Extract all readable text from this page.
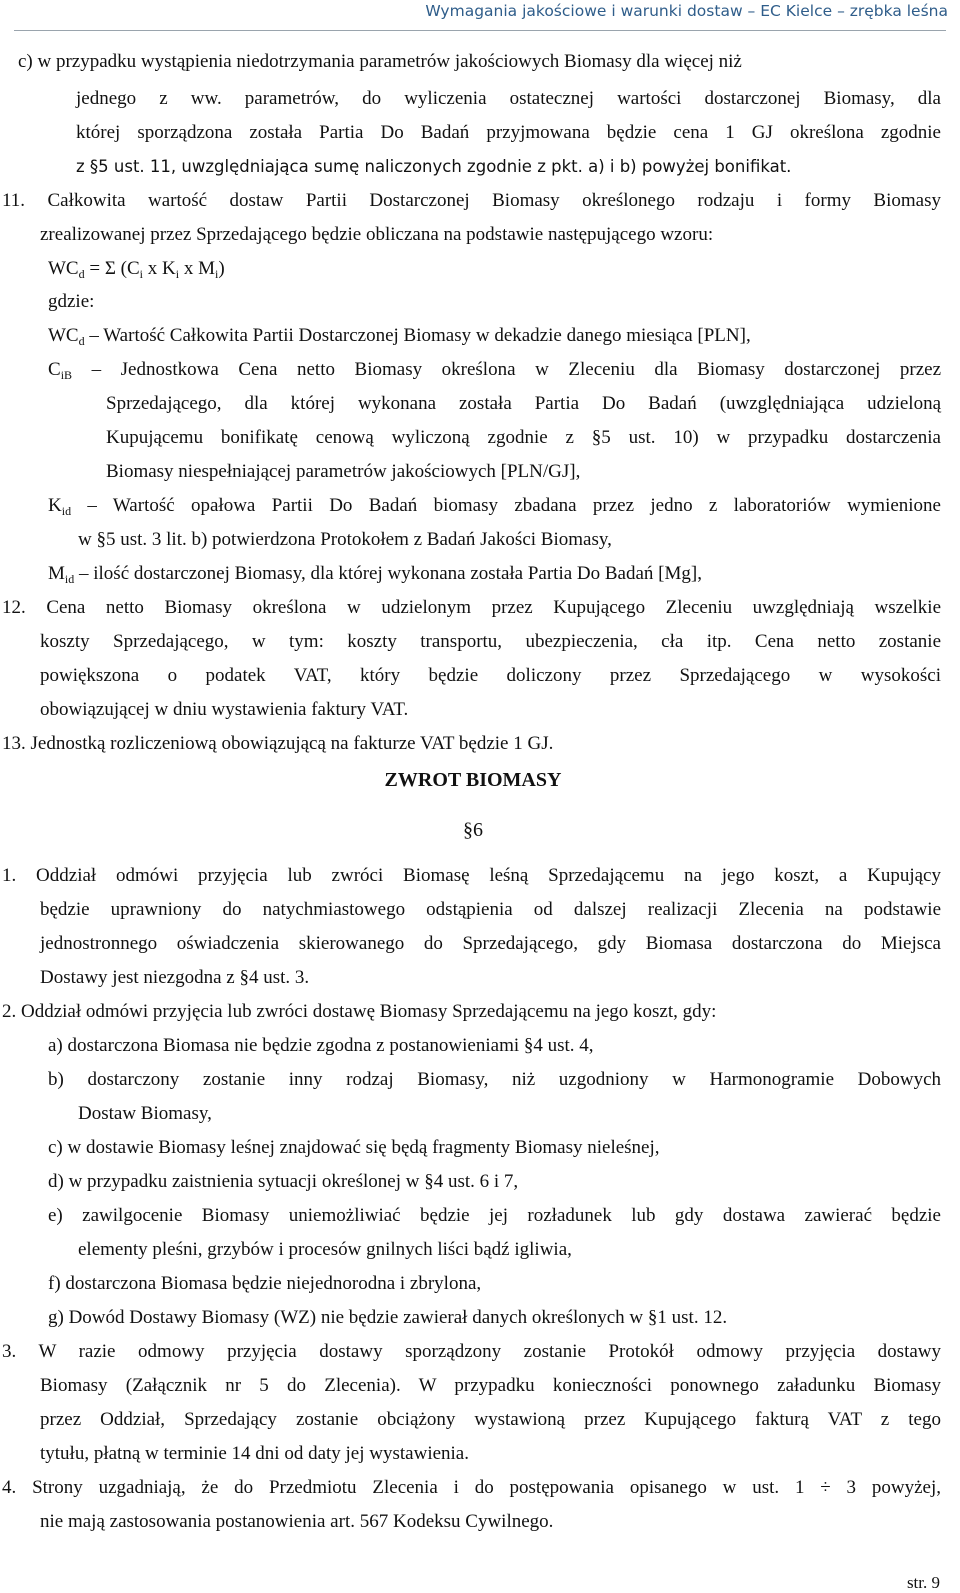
Wymagania jakościowe i warunki dostaw – EC Kielce – zrębka leśna
c) w przypadku wystąpienia niedotrzymania parametrów jakościowych Biomasy dla więcej niż
jednego z ww. parametrów, do wyliczenia ostatecznej wartości dostarczonej Biomasy, dla
której sporządzona została Partia Do Badań przyjmowana będzie cena 1 GJ określona zgodnie
z §5 ust. 11, uwzględniająca sumę naliczonych zgodnie z pkt. a) i b) powyżej bonifikat.
11. Całkowita wartość dostaw Partii Dostarczonej Biomasy określonego rodzaju i formy Biomasy
zrealizowanej przez Sprzedającego będzie obliczana na podstawie następującego wzoru:
$WC_d = \Sigma$ ($C_i$ x $K_i$ x $M_i$)
gdzie:
$WC_d$ – Wartość Całkowita Partii Dostarczonej Biomasy w dekadzie danego miesiąca [PLN],
$C_{iB}$ – Jednostkowa Cena netto Biomasy określona w Zleceniu dla Biomasy dostarczonej przez
Sprzedającego, dla której wykonana została Partia Do Badań (uwzględniająca udzieloną
Kupującemu bonifikatę cenową wyliczoną zgodnie z §5 ust. 10) w przypadku dostarczenia
Biomasy niespełniającej parametrów jakościowych [PLN/GJ],
$K_{id}$ – Wartość opałowa Partii Do Badań biomasy zbadana przez jedno z laboratoriów wymienione
w §5 ust. 3 lit. b) potwierdzona Protokołem z Badań Jakości Biomasy,
$M_{id}$ – ilość dostarczonej Biomasy, dla której wykonana została Partia Do Badań [Mg],
12. Cena netto Biomasy określona w udzielonym przez Kupującego Zleceniu uwzględniają wszelkie
koszty Sprzedającego, w tym: koszty transportu, ubezpieczenia, cła itp. Cena netto zostanie
powiększona o podatek VAT, który będzie doliczony przez Sprzedającego w wysokości
obowiązującej w dniu wystawienia faktury VAT.
13. Jednostką rozliczeniową obowiązującą na fakturze VAT będzie 1 GJ.
ZWROT BIOMASY
§6
1. Oddział odmówi przyjęcia lub zwróci Biomasę leśną Sprzedającemu na jego koszt, a Kupujący
będzie uprawniony do natychmiastowego odstąpienia od dalszej realizacji Zlecenia na podstawie
jednostronnego oświadczenia skierowanego do Sprzedającego, gdy Biomasa dostarczona do Miejsca
Dostawy jest niezgodna z §4 ust. 3.
2. Oddział odmówi przyjęcia lub zwróci dostawę Biomasy Sprzedającemu na jego koszt, gdy:
a) dostarczona Biomasa nie będzie zgodna z postanowieniami §4 ust. 4,
b) dostarczony zostanie inny rodzaj Biomasy, niż uzgodniony w Harmonogramie Dobowych
Dostaw Biomasy,
c) w dostawie Biomasy leśnej znajdować się będą fragmenty Biomasy nieleśnej,
d) w przypadku zaistnienia sytuacji określonej w §4 ust. 6 i 7,
e) zawilgocenie Biomasy uniemożliwiać będzie jej rozładunek lub gdy dostawa zawierać będzie
elementy pleśni, grzybów i procesów gnilnych liści bądź igliwia,
f) dostarczona Biomasa będzie niejednorodna i zbrylona,
g) Dowód Dostawy Biomasy (WZ) nie będzie zawierał danych określonych w §1 ust. 12.
3. W razie odmowy przyjęcia dostawy sporządzony zostanie Protokół odmowy przyjęcia dostawy
Biomasy (Załącznik nr 5 do Zlecenia). W przypadku konieczności ponownego załadunku Biomasy
przez Oddział, Sprzedający zostanie obciążony wystawioną przez Kupującego fakturą VAT z tego
tytułu, płatną w terminie 14 dni od daty jej wystawienia.
4. Strony uzgadniają, że do Przedmiotu Zlecenia i do postępowania opisanego w ust. 1 ÷ 3 powyżej,
nie mają zastosowania postanowienia art. 567 Kodeksu Cywilnego.
str. 9
